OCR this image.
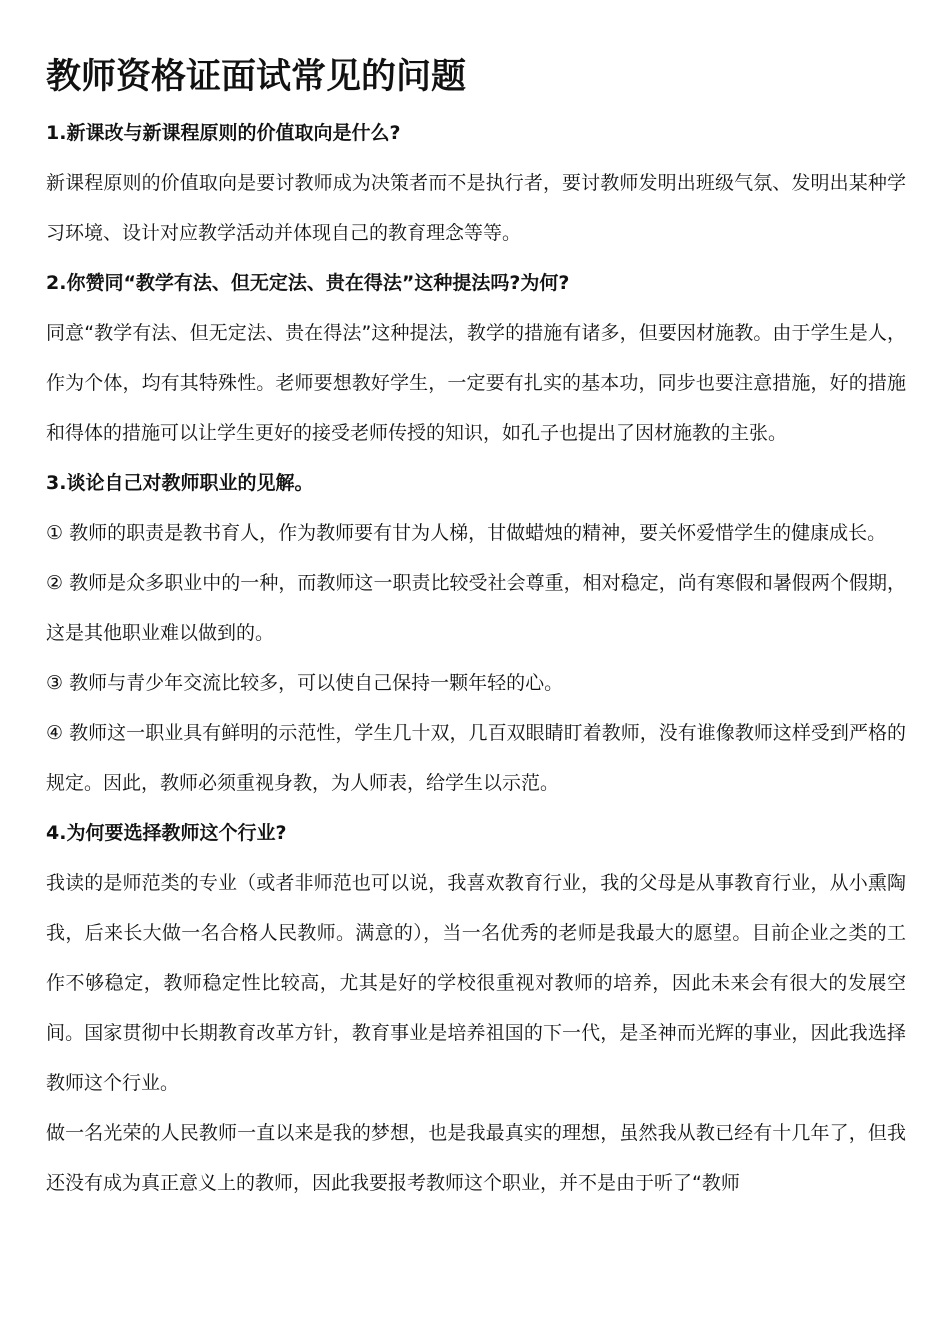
教师资格证面试常见的问题

1.新课改与新课程原则的价值取向是什么?

新课程原则的价值取向是要讨教师成为决策者而不是执行者，要讨教师发明出班级气氛、发明出某种学习环境、设计对应教学活动并体现自己的教育理念等等。

2.你赞同“教学有法、但无定法、贵在得法”这种提法吗?为何?

同意“教学有法、但无定法、贵在得法”这种提法，教学的措施有诸多，但要因材施教。由于学生是人，作为个体，均有其特殊性。老师要想教好学生，一定要有扎实的基本功，同步也要注意措施，好的措施和得体的措施可以让学生更好的接受老师传授的知识，如孔子也提出了因材施教的主张。

3.谈论自己对教师职业的见解。

① 教师的职责是教书育人，作为教师要有甘为人梯，甘做蜡烛的精神，要关怀爱惜学生的健康成长。

② 教师是众多职业中的一种，而教师这一职责比较受社会尊重，相对稳定，尚有寒假和暑假两个假期，这是其他职业难以做到的。

③ 教师与青少年交流比较多，可以使自己保持一颗年轻的心。

④ 教师这一职业具有鲜明的示范性，学生几十双，几百双眼睛盯着教师，没有谁像教师这样受到严格的规定。因此，教师必须重视身教，为人师表，给学生以示范。

4.为何要选择教师这个行业?

我读的是师范类的专业（或者非师范也可以说，我喜欢教育行业，我的父母是从事教育行业，从小熏陶我，后来长大做一名合格人民教师。满意的），当一名优秀的老师是我最大的愿望。目前企业之类的工作不够稳定，教师稳定性比较高，尤其是好的学校很重视对教师的培养，因此未来会有很大的发展空间。国家贯彻中长期教育改革方针，教育事业是培养祖国的下一代，是圣神而光辉的事业，因此我选择教师这个行业。

做一名光荣的人民教师一直以来是我的梦想，也是我最真实的理想，虽然我从教已经有十几年了，但我还没有成为真正意义上的教师，因此我要报考教师这个职业，并不是由于听了“教师
